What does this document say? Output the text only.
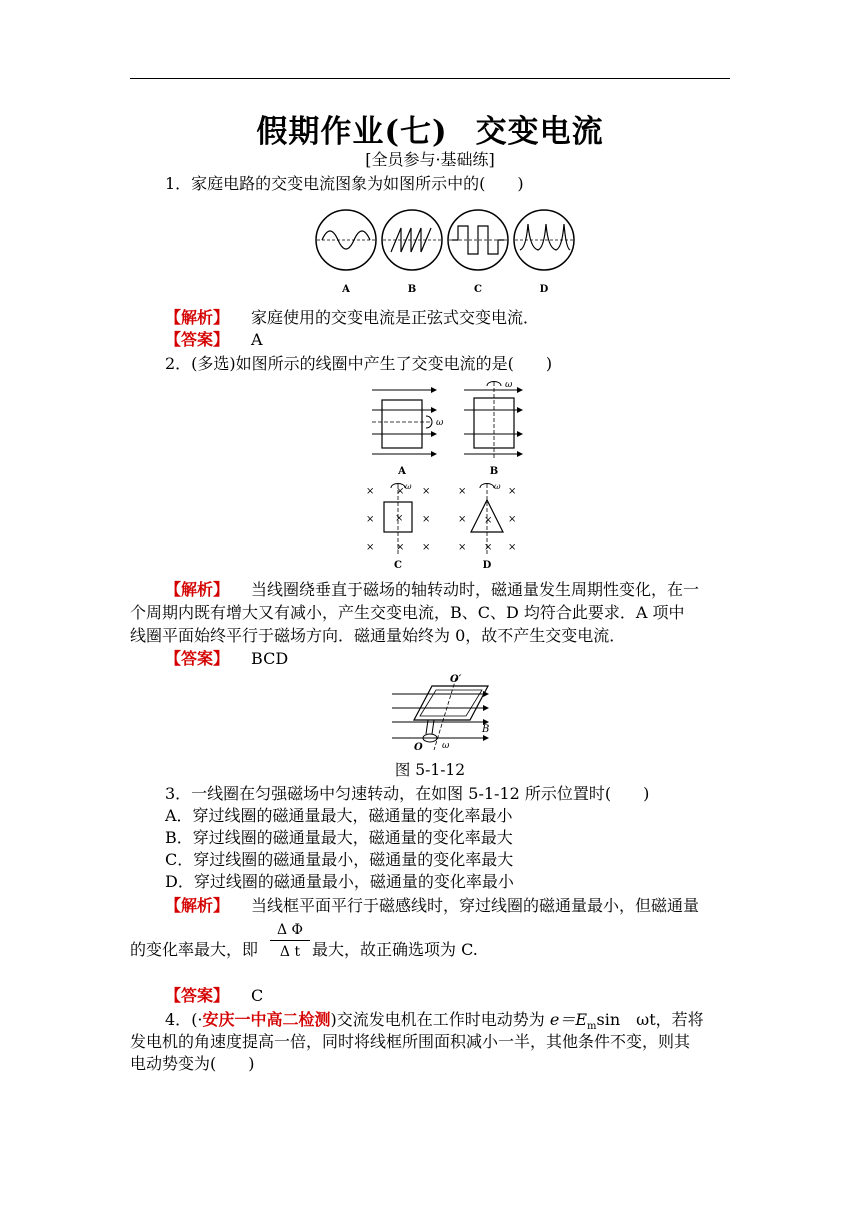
假期作业(七) 交变电流
[全员参与·基础练]
1．家庭电路的交变电流图象为如图所示中的(　　)
A	B	C	D
【解析】 家庭使用的交变电流是正弦式交变电流．
【答案】 A
2．(多选)如图所示的线圈中产生了交变电流的是(　　)
ω
ω
A	B
× × ×
×	×
× × ×
×
ω	×	×
×	×
× × ×
×
ω
C	D
【解析】 当线圈绕垂直于磁场的轴转动时，磁通量发生周期性变化，在一
个周期内既有增大又有减小，产生交变电流，B、C、D 均符合此要求．A 项中
线圈平面始终平行于磁场方向．磁通量始终为 0，故不产生交变电流．
【答案】 BCD
O′
O
B
ω
图 5-1-12
3．一线圈在匀强磁场中匀速转动，在如图 5-1-12 所示位置时(　　)
A．穿过线圈的磁通量最大，磁通量的变化率最小
B．穿过线圈的磁通量最大，磁通量的变化率最大
C．穿过线圈的磁通量最小，磁通量的变化率最大
D．穿过线圈的磁通量最小，磁通量的变化率最小
【解析】 当线框平面平行于磁感线时，穿过线圈的磁通量最小，但磁通量
的变化率最大，即 $\frac{\text{Δ Φ}}{\text{Δ t}}$ 最大，故正确选项为 C.
【答案】 C
4．(·安庆一中高二检测)交流发电机在工作时电动势为 $e=E_m\sin$　ωt，若将
发电机的角速度提高一倍，同时将线框所围面积减小一半，其他条件不变，则其
电动势变为(　　)
